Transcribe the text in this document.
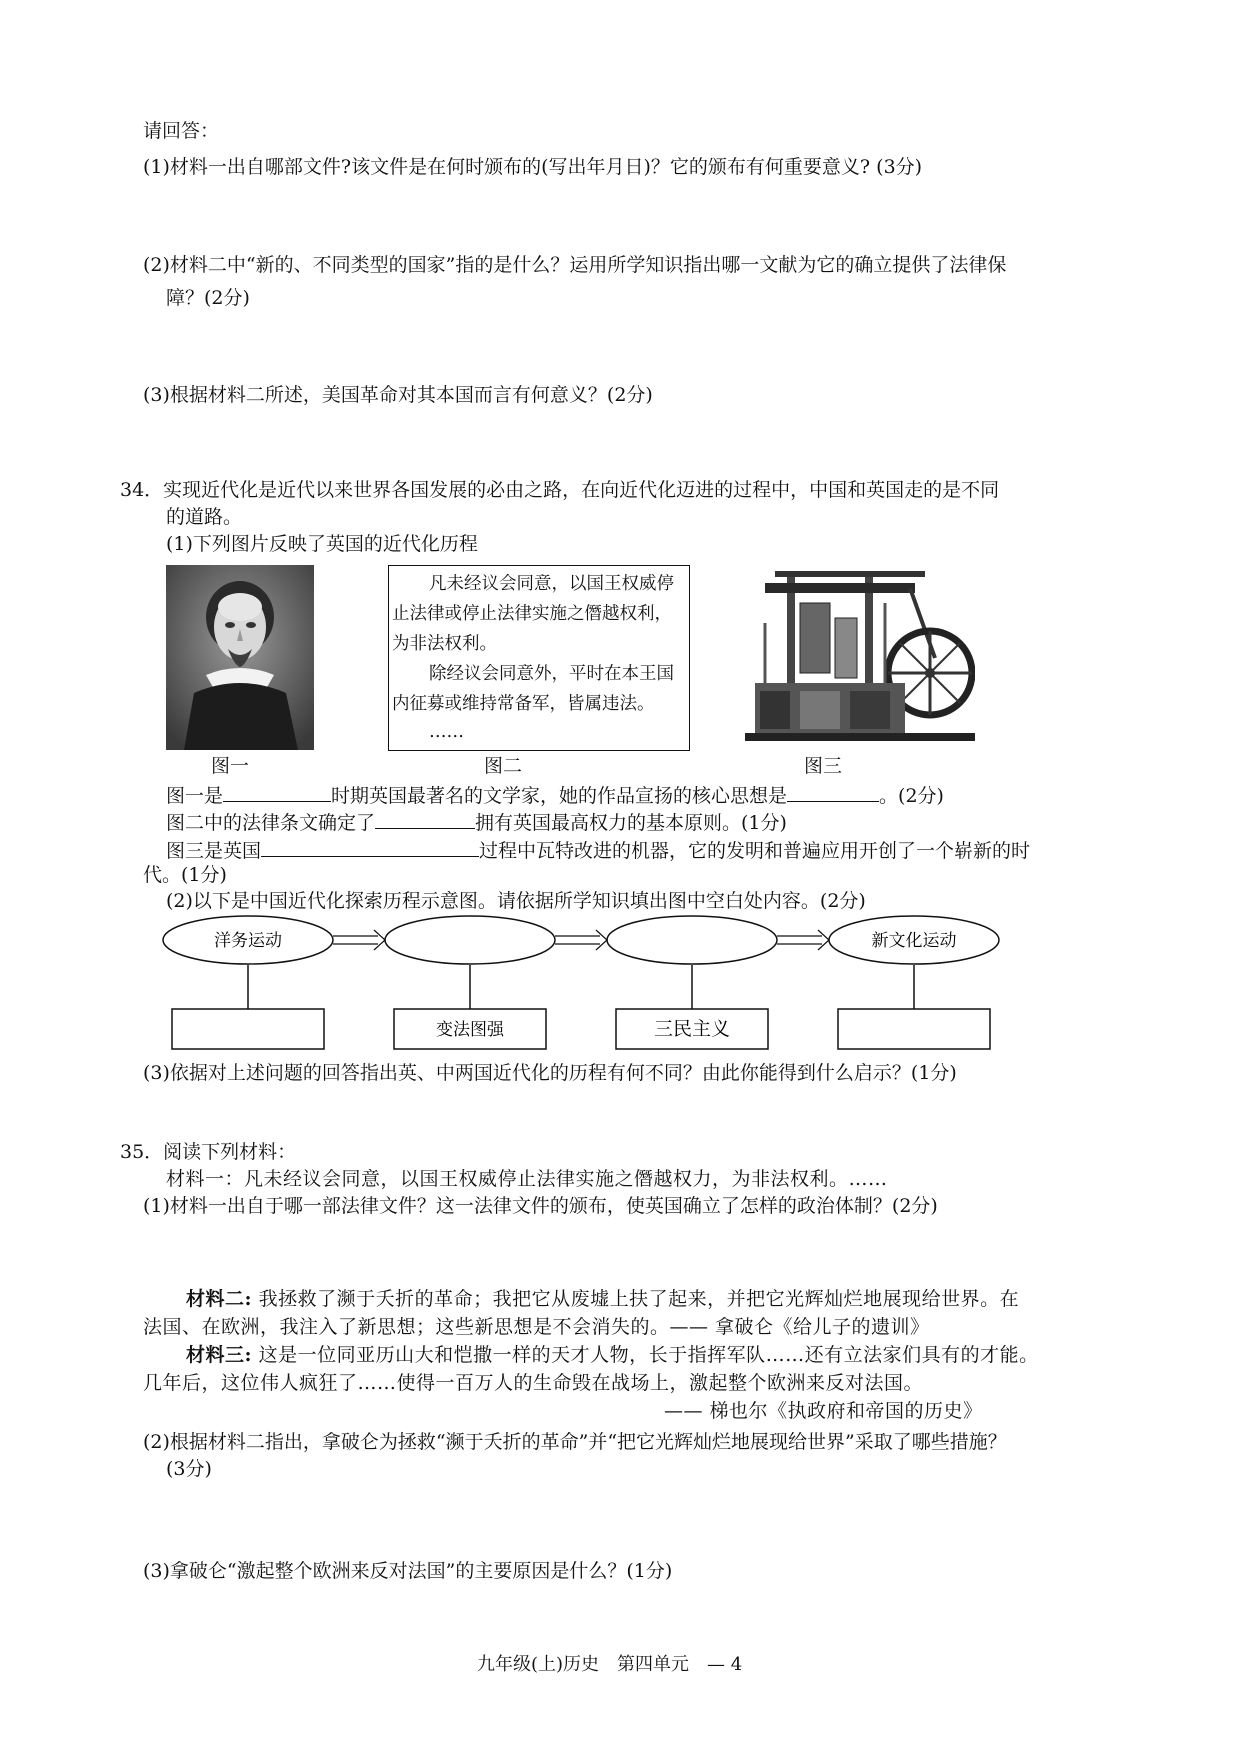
请回答：
(1)材料一出自哪部文件?该文件是在何时颁布的(写出年月日)？它的颁布有何重要意义? (3分)
(2)材料二中“新的、不同类型的国家”指的是什么？运用所学知识指出哪一文献为它的确立提供了法律保
障？(2分)
(3)根据材料二所述，美国革命对其本国而言有何意义？(2分)
34．实现近代化是近代以来世界各国发展的必由之路，在向近代化迈进的过程中，中国和英国走的是不同
的道路。
(1)下列图片反映了英国的近代化历程
凡未经议会同意，以国王权威停
止法律或停止法律实施之僭越权利，
为非法权利。
除经议会同意外，平时在本王国
内征募或维持常备军，皆属违法。
……
图一	图二	图三
图一是	时期英国最著名的文学家，她的作品宣扬的核心思想是	。(2分)
图二中的法律条文确定了	拥有英国最高权力的基本原则。(1分)
图三是英国	过程中瓦特改进的机器，它的发明和普遍应用开创了一个崭新的时
代。(1分)
(2)以下是中国近代化探索历程示意图。请依据所学知识填出图中空白处内容。(2分)
洋务运动	新文化运动
变法图强	三民主义
(3)依据对上述问题的回答指出英、中两国近代化的历程有何不同？由此你能得到什么启示？(1分)
35．阅读下列材料：
材料一：凡未经议会同意，以国王权威停止法律实施之僭越权力，为非法权利。……
(1)材料一出自于哪一部法律文件？这一法律文件的颁布，使英国确立了怎样的政治体制？(2分)
材料二: 我拯救了濒于夭折的革命；我把它从废墟上扶了起来，并把它光辉灿烂地展现给世界。在
法国、在欧洲，我注入了新思想；这些新思想是不会消失的。—— 拿破仑《给儿子的遗训》
材料三: 这是一位同亚历山大和恺撒一样的天才人物，长于指挥军队……还有立法家们具有的才能。
几年后，这位伟人疯狂了……使得一百万人的生命毁在战场上，激起整个欧洲来反对法国。
—— 梯也尔《执政府和帝国的历史》
(2)根据材料二指出，拿破仑为拯救“濒于夭折的革命”并“把它光辉灿烂地展现给世界”采取了哪些措施？
(3分)
(3)拿破仑“激起整个欧洲来反对法国”的主要原因是什么？(1分)
九年级(上)历史　第四单元　— 4
